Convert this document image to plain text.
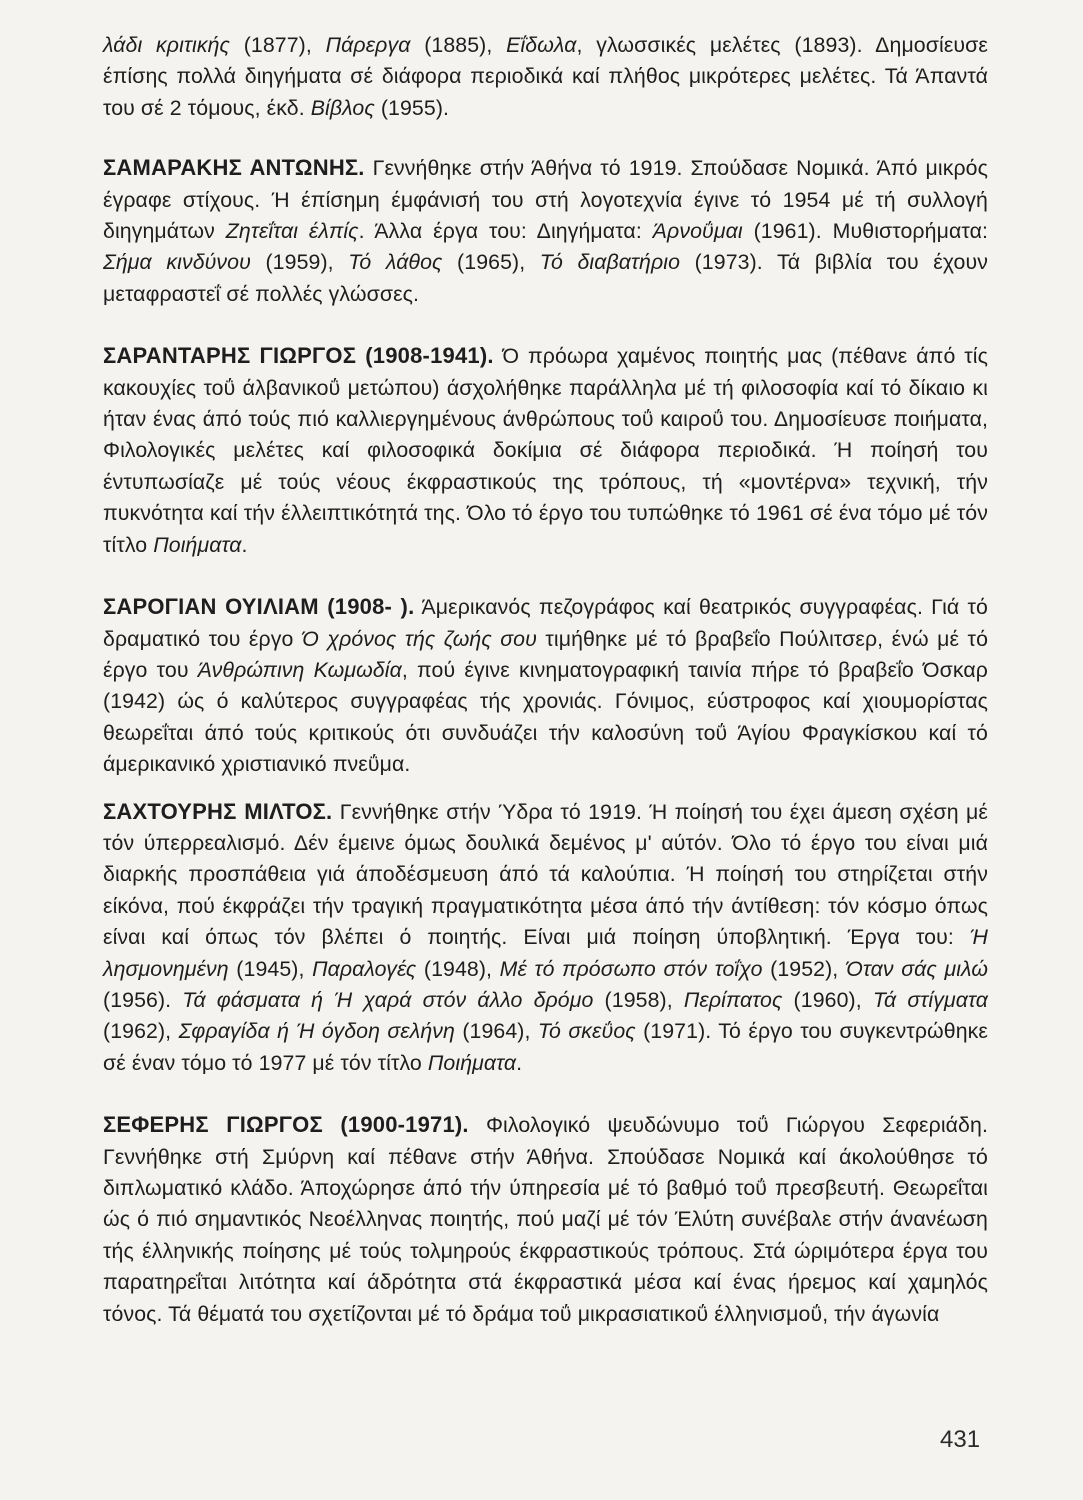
λάδι κριτικής (1877), Πάρεργα (1885), Εΐδωλα, γλωσσικές μελέτες (1893). Δημοσίευσε έπίσης πολλά διηγήματα σέ διάφορα περιοδικά καί πλήθος μικρότερες μελέτες. Τά Άπαντά του σέ 2 τόμους, έκδ. Βίβλος (1955).

ΣΑΜΑΡΑΚΗΣ ΑΝΤΩΝΗΣ. Γεννήθηκε στήν Άθήνα τό 1919. Σπούδασε Νομικά. Άπό μικρός έγραφε στίχους. Ή έπίσημη έμφάνισή του στή λογοτεχνία έγινε τό 1954 μέ τή συλλογή διηγημάτων Ζητεΐται έλπίς. Άλλα έργα του: Διηγήματα: Άρνοΰμαι (1961). Μυθιστορήματα: Σήμα κινδύνου (1959), Τό λάθος (1965), Τό διαβατήριο (1973). Τά βιβλία του έχουν μεταφραστεΐ σέ πολλές γλώσσες.

ΣΑΡΑΝΤΑΡΗΣ ΓΙΩΡΓΟΣ (1908-1941). Ό πρόωρα χαμένος ποιητής μας (πέθανε άπό τίς κακουχίες τοΰ άλβανικοΰ μετώπου) άσχολήθηκε παράλληλα μέ τή φιλοσοφία καί τό δίκαιο κι ήταν ένας άπό τούς πιό καλλιεργημένους άνθρώπους τοΰ καιροΰ του. Δημοσίευσε ποιήματα, Φιλολογικές μελέτες καί φιλοσοφικά δοκίμια σέ διάφορα περιοδικά. Ή ποίησή του έντυπωσίαζε μέ τούς νέους έκφραστικούς της τρόπους, τή «μοντέρνα» τεχνική, τήν πυκνότητα καί τήν έλλειπτικότητά της. Όλο τό έργο του τυπώθηκε τό 1961 σέ ένα τόμο μέ τόν τίτλο Ποιήματα.

ΣΑΡΟΓΙΑΝ ΟΥΙΛΙΑΜ (1908- ). Άμερικανός πεζογράφος καί θεατρικός συγγραφέας. Γιά τό δραματικό του έργο Ό χρόνος τής ζωής σου τιμήθηκε μέ τό βραβεΐο Πούλιτσερ, ένώ μέ τό έργο του Άνθρώπινη Κωμωδία, πού έγινε κινηματογραφική ταινία πήρε τό βραβεΐο Όσκαρ (1942) ώς ό καλύτερος συγγραφέας τής χρονιάς. Γόνιμος, εύστροφος καί χιουμορίστας θεωρεΐται άπό τούς κριτικούς ότι συνδυάζει τήν καλοσύνη τοΰ Άγίου Φραγκίσκου καί τό άμερικανικό χριστιανικό πνεΰμα.

ΣΑΧΤΟΥΡΗΣ ΜΙΛΤΟΣ. Γεννήθηκε στήν Ύδρα τό 1919. Ή ποίησή του έχει άμεση σχέση μέ τόν ύπερρεαλισμό. Δέν έμεινε όμως δουλικά δεμένος μ' αύτόν. Όλο τό έργο του είναι μιά διαρκής προσπάθεια γιά άποδέσμευση άπό τά καλούπια. Ή ποίησή του στηρίζεται στήν είκόνα, πού έκφράζει τήν τραγική πραγματικότητα μέσα άπό τήν άντίθεση: τόν κόσμο όπως είναι καί όπως τόν βλέπει ό ποιητής. Είναι μιά ποίηση ύποβλητική. Έργα του: Ή λησμονημένη (1945), Παραλογές (1948), Μέ τό πρόσωπο στόν τοΐχο (1952), Όταν σάς μιλώ (1956). Τά φάσματα ή Ή χαρά στόν άλλο δρόμο (1958), Περίπατος (1960), Τά στίγματα (1962), Σφραγίδα ή Ή όγδοη σελήνη (1964), Τό σκεΰος (1971). Τό έργο του συγκεντρώθηκε σέ έναν τόμο τό 1977 μέ τόν τίτλο Ποιήματα.

ΣΕΦΕΡΗΣ ΓΙΩΡΓΟΣ (1900-1971). Φιλολογικό ψευδώνυμο τοΰ Γιώργου Σεφεριάδη. Γεννήθηκε στή Σμύρνη καί πέθανε στήν Άθήνα. Σπούδασε Νομικά καί άκολούθησε τό διπλωματικό κλάδο. Άποχώρησε άπό τήν ύπηρεσία μέ τό βαθμό τοΰ πρεσβευτή. Θεωρεΐται ώς ό πιό σημαντικός Νεοέλληνας ποιητής, πού μαζί μέ τόν Έλύτη συνέβαλε στήν άνανέωση τής έλληνικής ποίησης μέ τούς τολμηρούς έκφραστικούς τρόπους. Στά ώριμότερα έργα του παρατηρεΐται λιτότητα καί άδρότητα στά έκφραστικά μέσα καί ένας ήρεμος καί χαμηλός τόνος. Τά θέματά του σχετίζονται μέ τό δράμα τοΰ μικρασιατικοΰ έλληνισμοΰ, τήν άγωνία

431
